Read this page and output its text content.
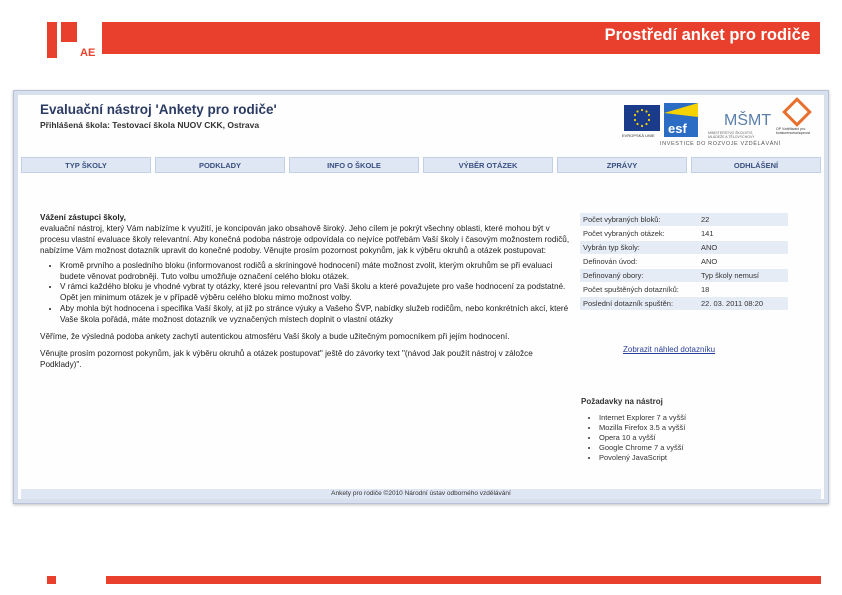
AE
Prostředí anket pro rodiče
Cesta ke kvalitě
Evaluační nástroj 'Ankety pro rodiče'
Přihlášená škola: Testovací škola NUOV CKK, Ostrava
EVROPSKÁ UNIE esf MŠMT
MINISTERSTVO ŠKOLSTVÍ, MLÁDEŽE A TĚLOVÝCHOVY
OP Vzdělávání pro konkurenceschopnost
INVESTICE DO ROZVOJE VZDĚLÁVÁNÍ
TYP ŠKOLY	PODKLADY	INFO O ŠKOLE	VÝBĚR OTÁZEK	ZPRÁVY	ODHLÁŠENÍ

Vážení zástupci školy,

evaluační nástroj, který Vám nabízíme k využití, je koncipován jako obsahově široký. Jeho cílem je pokrýt všechny oblasti, které mohou být v procesu vlastní evaluace školy relevantní. Aby konečná podoba nástroje odpovídala co nejvíce potřebám Vaší školy i časovým možnostem rodičů, nabízíme Vám možnost dotazník upravit do konečné podoby. Věnujte prosím pozornost pokynům, jak k výběru okruhů a otázek postupovat:

• Kromě prvního a posledního bloku (informovanost rodičů a skríningové hodnocení) máte možnost zvolit, kterým okruhům se při evaluaci budete věnovat podrobněji. Tuto volbu umožňuje označení celého bloku otázek.
• V rámci každého bloku je vhodné vybrat ty otázky, které jsou relevantní pro Vaši školu a které považujete pro vaše hodnocení za podstatné. Opět jen minimum otázek je v případě výběru celého bloku mimo možnost volby.
• Aby mohla být hodnocena i specifika Vaší školy, at již po stránce výuky a Vašeho ŠVP, nabídky služeb rodičům, nebo konkrétních akcí, které Vaše škola pořádá, máte možnost dotazník ve vyznačených místech doplnit o vlastní otázky

Věříme, že výsledná podoba ankety zachytí autentickou atmosféru Vaší školy a bude užitečným pomocníkem při jejím hodnocení.

Věnujte prosím pozornost pokynům, jak k výběru okruhů a otázek postupovat" ještě do závorky text "(návod Jak použít nástroj v záložce Podklady)".

Počet vybraných bloků:	22
Počet vybraných otázek:	141
Vybrán typ školy:	ANO
Definován úvod:	ANO
Definovaný obory:	Typ školy nemusí
Počet spuštěných dotazníků:	18
Poslední dotazník spuštěn:	22. 03. 2011 08:20
Zobrazit náhled dotazníku
Požadavky na nástroj
• Internet Explorer 7 a vyšší
• Mozilla Firefox 3.5 a vyšší
• Opera 10 a vyšší
• Google Chrome 7 a vyšší
• Povolený JavaScript
Ankety pro rodiče ©2010 Národní ústav odborného vzdělávání
